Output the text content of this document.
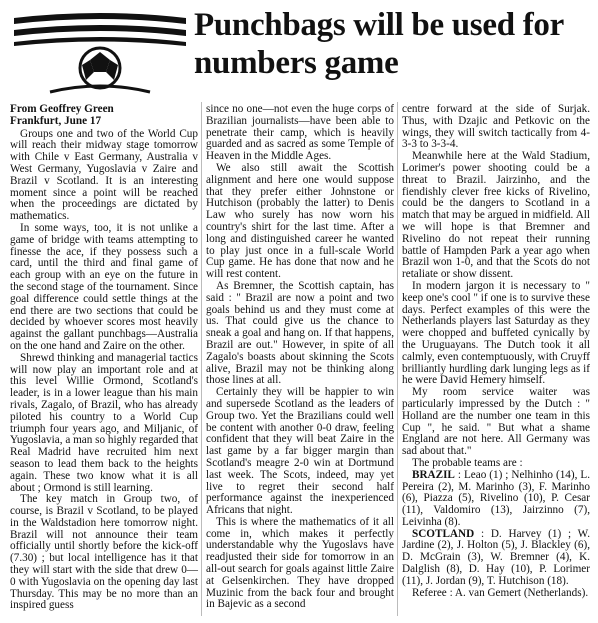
Punchbags will be used for numbers game

From Geoffrey Green

Frankfurt, June 17

Groups one and two of the World Cup will reach their midway stage tomorrow with Chile v East Germany, Australia v West Germany, Yugoslavia v Zaire and Brazil v Scotland. It is an interesting moment since a point will be reached when the proceedings are dictated by mathematics.

In some ways, too, it is not unlike a game of bridge with teams attempting to finesse the ace, if they possess such a card, until the third and final game of each group with an eye on the future in the second stage of the tournament. Since goal difference could settle things at the end there are two sections that could be decided by whoever scores most heavily against the gallant punchbags—Australia on the one hand and Zaire on the other.

Shrewd thinking and managerial tactics will now play an important role and at this level Willie Ormond, Scotland's leader, is in a lower league than his main rivals, Zagalo, of Brazil, who has already piloted his country to a World Cup triumph four years ago, and Miljanic, of Yugoslavia, a man so highly regarded that Real Madrid have recruited him next season to lead them back to the heights again. These two know what it is all about ; Ormond is still learning.

The key match in Group two, of course, is Brazil v Scotland, to be played in the Waldstadion here tomorrow night. Brazil will not announce their team officially until shortly before the kick-off (7.30) ; but local intelligence has it that they will start with the side that drew 0—0 with Yugoslavia on the opening day last Thursday. This may be no more than an inspired guess

since no one—not even the huge corps of Brazilian journalists—have been able to penetrate their camp, which is heavily guarded and as sacred as some Temple of Heaven in the Middle Ages.

We also still await the Scottish alignment and here one would suppose that they prefer either Johnstone or Hutchison (probably the latter) to Denis Law who surely has now worn his country's shirt for the last time. After a long and distinguished career he wanted to play just once in a full-scale World Cup game. He has done that now and he will rest content.

As Bremner, the Scottish captain, has said : " Brazil are now a point and two goals behind us and they must come at us. That could give us the chance to sneak a goal and hang on. If that happens, Brazil are out." However, in spite of all Zagalo's boasts about skinning the Scots alive, Brazil may not be thinking along those lines at all.

Certainly they will be happier to win and supersede Scotland as the leaders of Group two. Yet the Brazilians could well be content with another 0-0 draw, feeling confident that they will beat Zaire in the last game by a far bigger margin than Scotland's meagre 2-0 win at Dortmund last week. The Scots, indeed, may yet live to regret their second half performance against the inexperienced Africans that night.

This is where the mathematics of it all come in, which makes it perfectly understandable why the Yugoslavs have readjusted their side for tomorrow in an all-out search for goals against little Zaire at Gelsenkirchen. They have dropped Muzinic from the back four and brought in Bajevic as a second

centre forward at the side of Surjak. Thus, with Dzajic and Petkovic on the wings, they will switch tactically from 4-3-3 to 3-3-4.

Meanwhile here at the Wald Stadium, Lorimer's power shooting could be a threat to Brazil. Jairzinho, and the fiendishly clever free kicks of Rivelino, could be the dangers to Scotland in a match that may be argued in midfield. All we will hope is that Bremner and Rivelino do not repeat their running battle of Hampden Park a year ago when Brazil won 1-0, and that the Scots do not retaliate or show dissent.

In modern jargon it is necessary to " keep one's cool " if one is to survive these days. Perfect examples of this were the Netherlands players last Saturday as they were chopped and buffeted cynically by the Uruguayans. The Dutch took it all calmly, even contemptuously, with Cruyff brilliantly hurdling dark lunging legs as if he were David Hemery himself.

My room service waiter was particularly impressed by the Dutch : " Holland are the number one team in this Cup ", he said. " But what a shame England are not here. All Germany was sad about that."

The probable teams are :

BRAZIL : Leao (1) ; Nelhinho (14), L. Pereira (2), M. Marinho (3), F. Marinho (6), Piazza (5), Rivelino (10), P. Cesar (11), Valdomiro (13), Jairzinno (7), Leivinha (8).

SCOTLAND : D. Harvey (1) ; W. Jardine (2), J. Holton (5), J. Blackley (6), D. McGrain (3), W. Bremner (4), K. Dalglish (8), D. Hay (10), P. Lorimer (11), J. Jordan (9), T. Hutchison (18).

Referee : A. van Gemert (Netherlands).
